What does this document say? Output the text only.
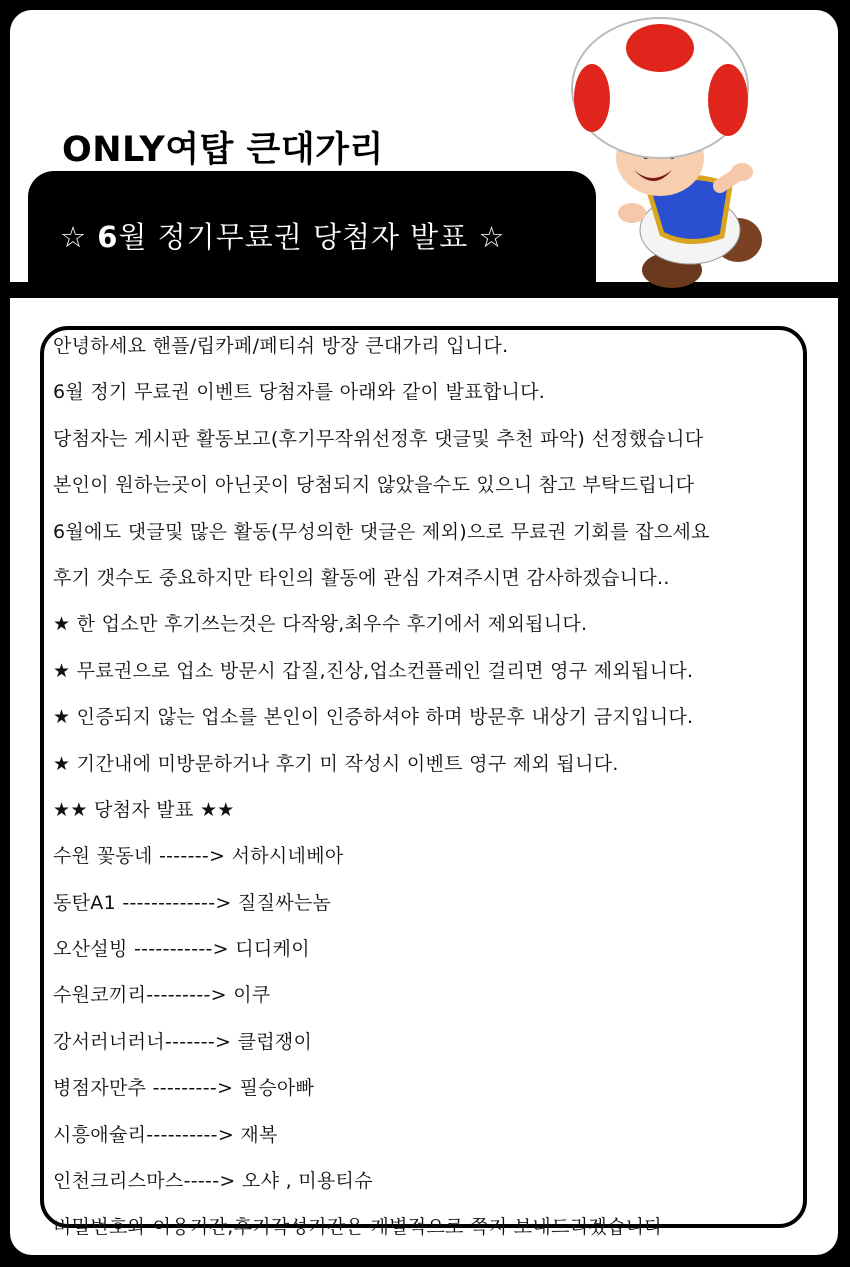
ONLY여탑 큰대가리
☆ 6월 정기무료권 당첨자 발표 ☆
안녕하세요 핸플/립카페/페티쉬 방장 큰대가리 입니다.
6월 정기 무료권 이벤트 당첨자를 아래와 같이 발표합니다.
당첨자는 게시판 활동보고(후기무작위선정후 댓글및 추천 파악) 선정했습니다
본인이 원하는곳이 아닌곳이 당첨되지 않았을수도 있으니 참고 부탁드립니다
6월에도 댓글및 많은 활동(무성의한 댓글은 제외)으로 무료권 기회를 잡으세요
후기 갯수도 중요하지만 타인의 활동에 관심 가져주시면 감사하겠습니다..
★ 한 업소만 후기쓰는것은 다작왕,최우수 후기에서 제외됩니다.
★ 무료권으로 업소 방문시 갑질,진상,업소컨플레인 걸리면 영구 제외됩니다.
★ 인증되지 않는 업소를 본인이 인증하셔야 하며 방문후 내상기 금지입니다.
★ 기간내에 미방문하거나 후기 미 작성시 이벤트 영구 제외 됩니다.
★★ 당첨자 발표 ★★
수원 꽃동네 -------> 서하시네베아
동탄A1 -------------> 질질싸는놈
오산설빙 -----------> 디디케이
수원코끼리---------> 이쿠
강서러너러너-------> 클럽쟁이
병점자만추 ---------> 필승아빠
시흥애슐리----------> 재복
인천크리스마스-----> 오샤 , 미용티슈
비밀번호와 이용기간,후기작성기간은 개별적으로 쪽지 보내드리겠습니다
